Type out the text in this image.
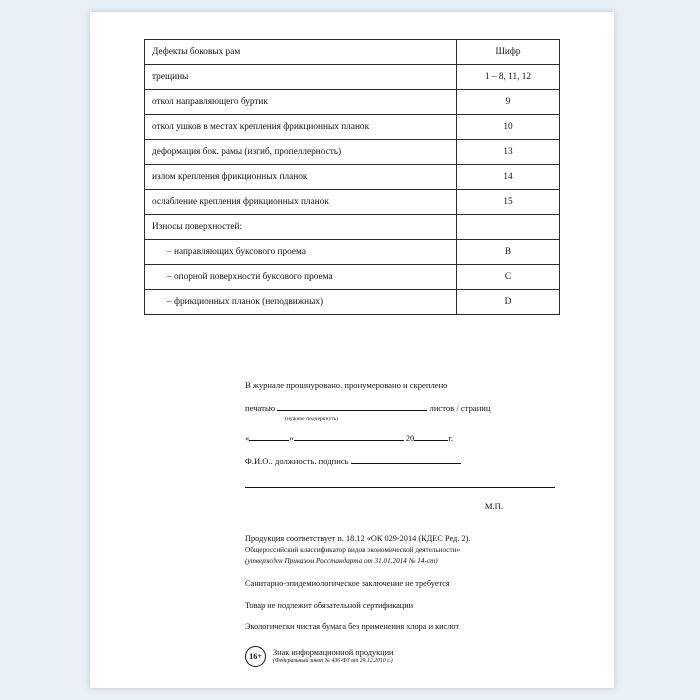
Дефекты боковых рам	Шифр
трещины	1 – 8, 11, 12
откол направляющего буртик	9
откол ушков в местах крепления фрикционных планок	10
деформация бок. рамы (изгиб, пропеллерность)	13
излом крепления фрикционных планок	14
ослабление крепления фрикционных планок	15
Износы поверхностей:	
– направляющих буксового проема	В
– опорной поверхности буксового проема	С
– фрикционных планок (неподвижных)	D
В журнале прошнуровано. пронумеровано и скреплено
печатью	листов / страниц
(нужное подчеркнуть)
«	»	20	г.
Ф.И.О.. должность. подпись
М.П.
Продукция соответствует п. 18.12 «ОК 029-2014 (КДЕС Ред. 2).
Общероссийский классификатор видов экономической деятельности»
(утвержден Приказом Росстандарта от 31.01.2014 № 14-ст)
Санитарно-эпидемиологическое заключение не требуется
Товар не подлежит обязательной сертификации
Экологически чистая бумага без применения хлора и кислот
16+	Знак информационной продукции
(Федеральный закон № 436-ФЗ от 29.12.2010 г.)
